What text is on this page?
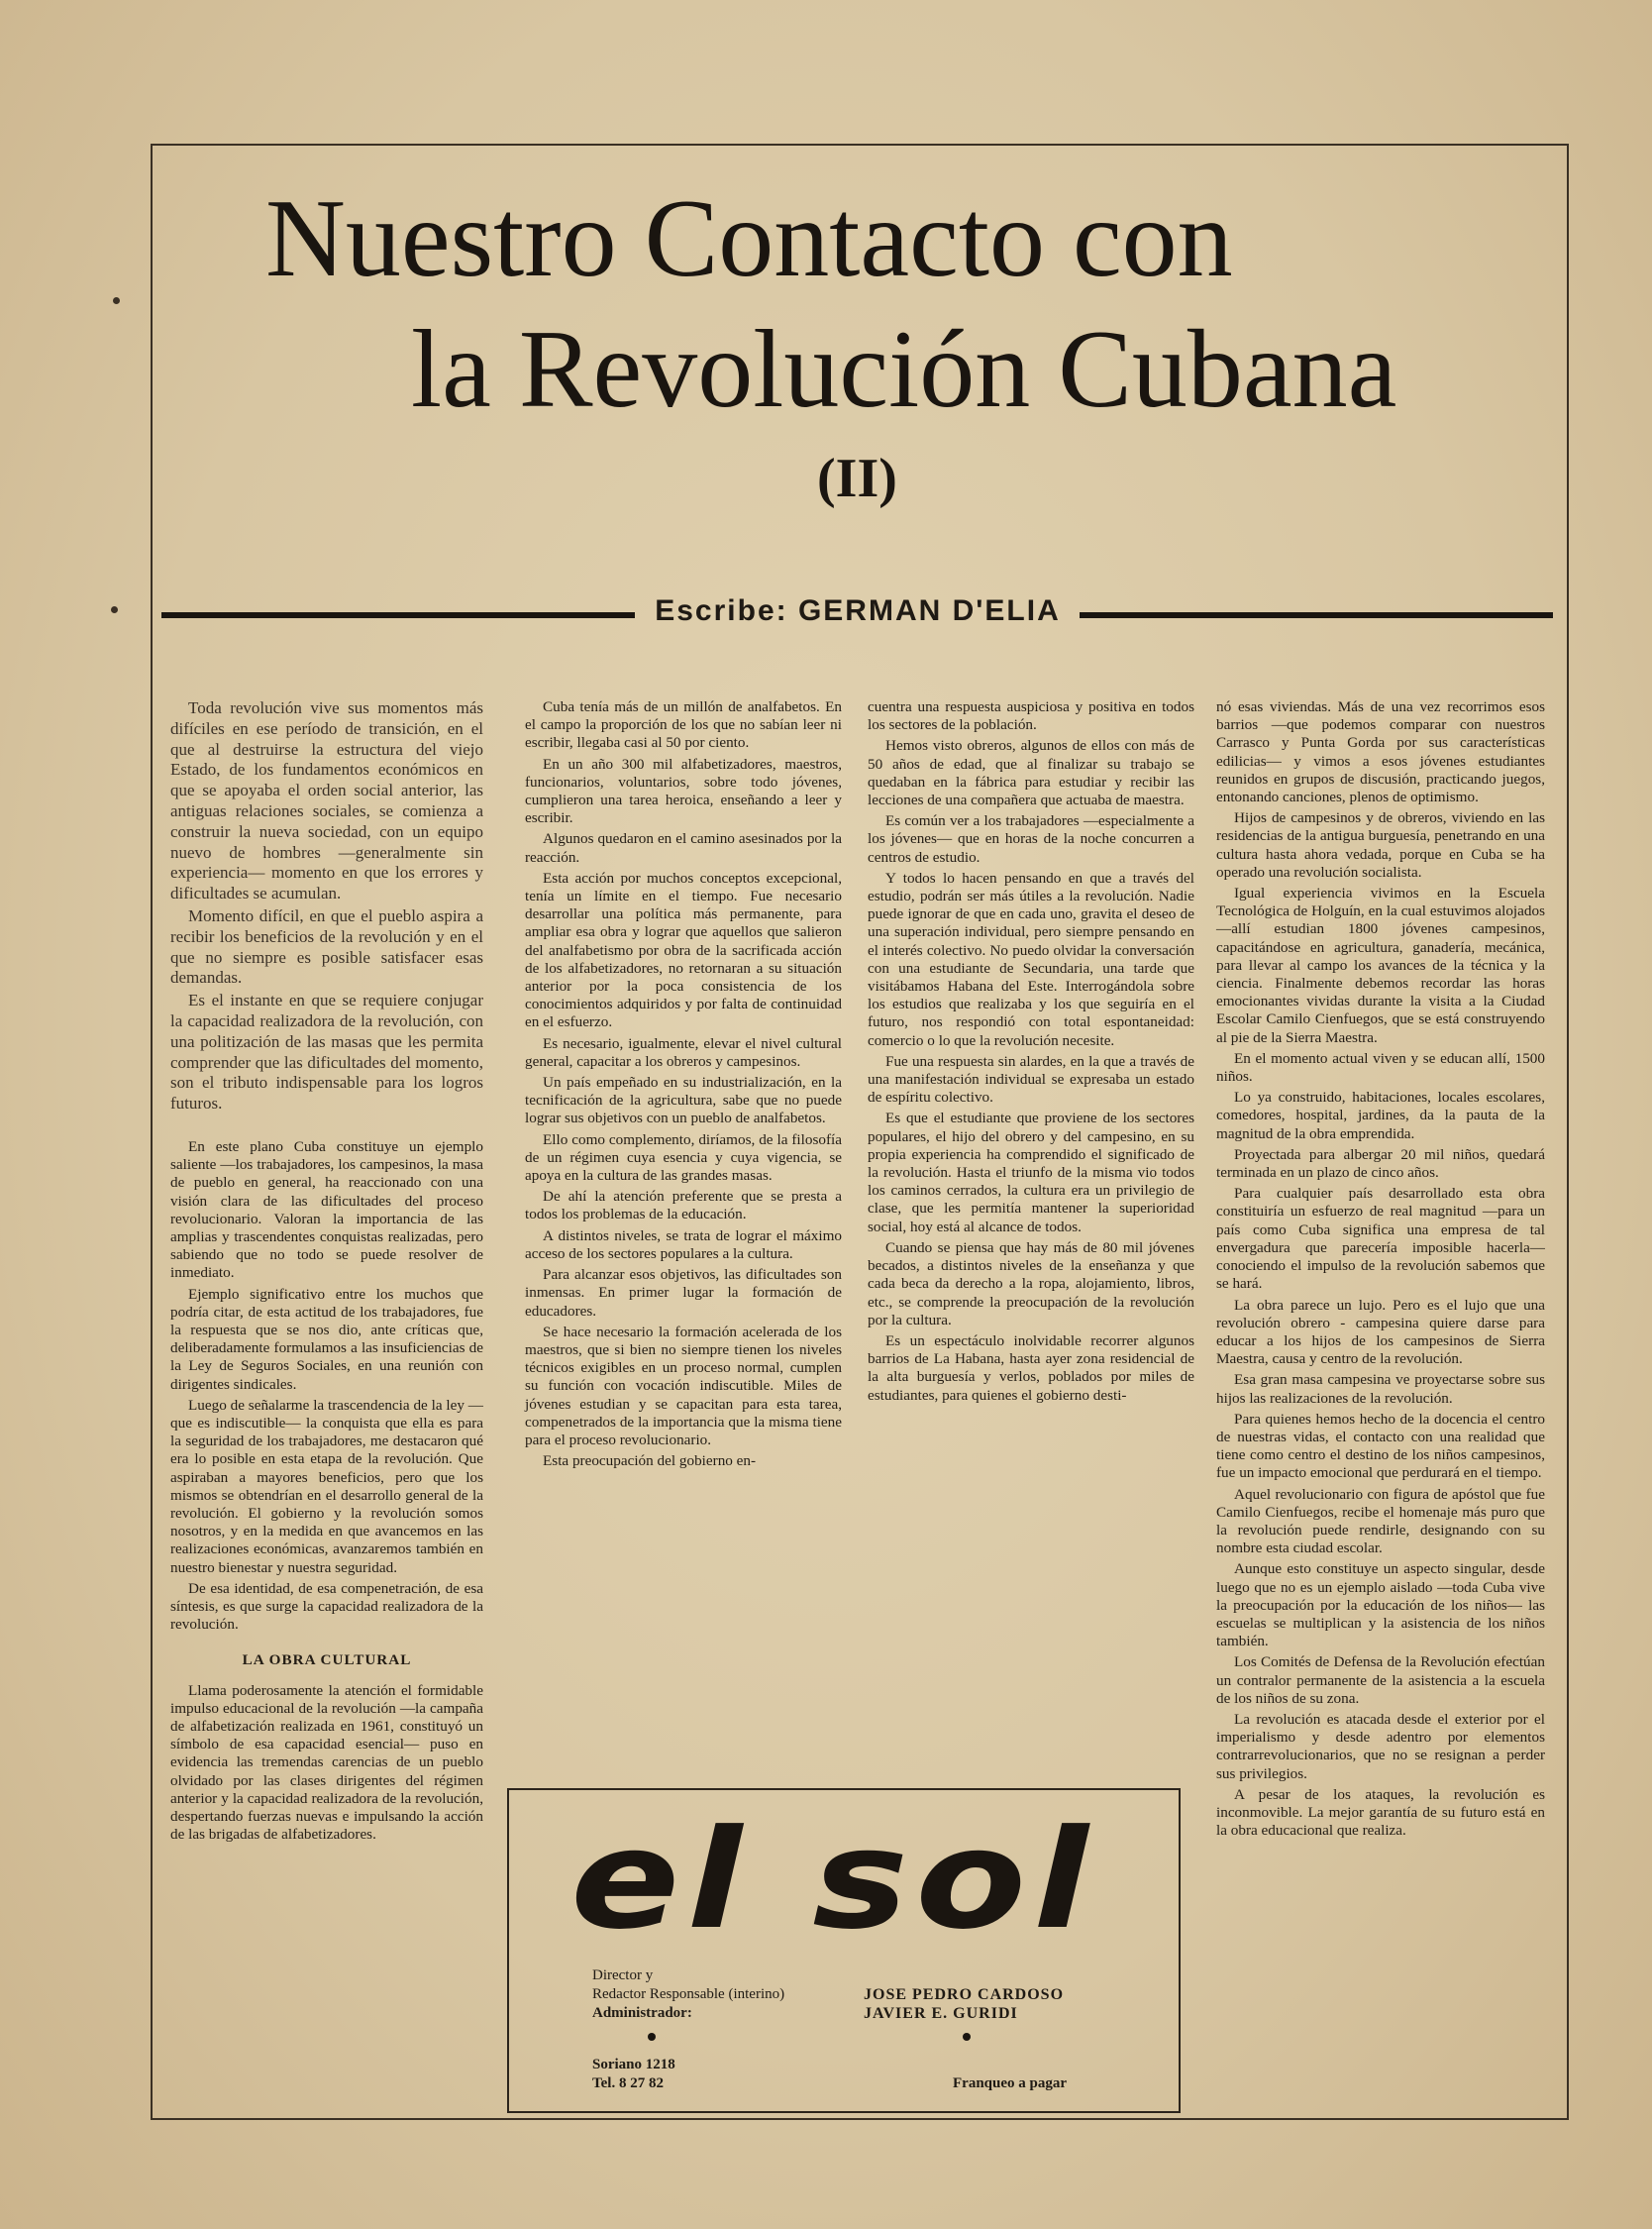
Nuestro Contacto con
la Revolución Cubana
(II)
Escribe: GERMAN D'ELIA

Toda revolución vive sus momentos más difíciles en ese período de transición, en el que al destruirse la estructura del viejo Estado, de los fundamentos económicos en que se apoyaba el orden social anterior, las antiguas relaciones sociales, se comienza a construir la nueva sociedad, con un equipo nuevo de hombres —generalmente sin experiencia— momento en que los errores y dificultades se acumulan.

Momento difícil, en que el pueblo aspira a recibir los beneficios de la revolución y en el que no siempre es posible satisfacer esas demandas.

Es el instante en que se requiere conjugar la capacidad realizadora de la revolución, con una politización de las masas que les permita comprender que las dificultades del momento, son el tributo indispensable para los logros futuros.

En este plano Cuba constituye un ejemplo saliente —los trabajadores, los campesinos, la masa de pueblo en general, ha reaccionado con una visión clara de las dificultades del proceso revolucionario. Valoran la importancia de las amplias y trascendentes conquistas realizadas, pero sabiendo que no todo se puede resolver de inmediato.

Ejemplo significativo entre los muchos que podría citar, de esta actitud de los trabajadores, fue la respuesta que se nos dio, ante críticas que, deliberadamente formulamos a las insuficiencias de la Ley de Seguros Sociales, en una reunión con dirigentes sindicales.

Luego de señalarme la trascendencia de la ley —que es indiscutible— la conquista que ella es para la seguridad de los trabajadores, me destacaron qué era lo posible en esta etapa de la revolución. Que aspiraban a mayores beneficios, pero que los mismos se obtendrían en el desarrollo general de la revolución. El gobierno y la revolución somos nosotros, y en la medida en que avancemos en las realizaciones económicas, avanzaremos también en nuestro bienestar y nuestra seguridad.

De esa identidad, de esa compenetración, de esa síntesis, es que surge la capacidad realizadora de la revolución.

LA OBRA CULTURAL

Llama poderosamente la atención el formidable impulso educacional de la revolución —la campaña de alfabetización realizada en 1961, constituyó un símbolo de esa capacidad esencial— puso en evidencia las tremendas carencias de un pueblo olvidado por las clases dirigentes del régimen anterior y la capacidad realizadora de la revolución, despertando fuerzas nuevas e impulsando la acción de las brigadas de alfabetizadores.

Cuba tenía más de un millón de analfabetos. En el campo la proporción de los que no sabían leer ni escribir, llegaba casi al 50 por ciento.

En un año 300 mil alfabetizadores, maestros, funcionarios, voluntarios, sobre todo jóvenes, cumplieron una tarea heroica, enseñando a leer y escribir.

Algunos quedaron en el camino asesinados por la reacción.

Esta acción por muchos conceptos excepcional, tenía un límite en el tiempo. Fue necesario desarrollar una política más permanente, para ampliar esa obra y lograr que aquellos que salieron del analfabetismo por obra de la sacrificada acción de los alfabetizadores, no retornaran a su situación anterior por la poca consistencia de los conocimientos adquiridos y por falta de continuidad en el esfuerzo.

Es necesario, igualmente, elevar el nivel cultural general, capacitar a los obreros y campesinos.

Un país empeñado en su industrialización, en la tecnificación de la agricultura, sabe que no puede lograr sus objetivos con un pueblo de analfabetos.

Ello como complemento, diríamos, de la filosofía de un régimen cuya esencia y cuya vigencia, se apoya en la cultura de las grandes masas.

De ahí la atención preferente que se presta a todos los problemas de la educación.

A distintos niveles, se trata de lograr el máximo acceso de los sectores populares a la cultura.

Para alcanzar esos objetivos, las dificultades son inmensas. En primer lugar la formación de educadores.

Se hace necesario la formación acelerada de los maestros, que si bien no siempre tienen los niveles técnicos exigibles en un proceso normal, cumplen su función con vocación indiscutible. Miles de jóvenes estudian y se capacitan para esta tarea, compenetrados de la importancia que la misma tiene para el proceso revolucionario.

Esta preocupación del gobierno en-

cuentra una respuesta auspiciosa y positiva en todos los sectores de la población.

Hemos visto obreros, algunos de ellos con más de 50 años de edad, que al finalizar su trabajo se quedaban en la fábrica para estudiar y recibir las lecciones de una compañera que actuaba de maestra.

Es común ver a los trabajadores —especialmente a los jóvenes— que en horas de la noche concurren a centros de estudio.

Y todos lo hacen pensando en que a través del estudio, podrán ser más útiles a la revolución. Nadie puede ignorar de que en cada uno, gravita el deseo de una superación individual, pero siempre pensando en el interés colectivo. No puedo olvidar la conversación con una estudiante de Secundaria, una tarde que visitábamos Habana del Este. Interrogándola sobre los estudios que realizaba y los que seguiría en el futuro, nos respondió con total espontaneidad: comercio o lo que la revolución necesite.

Fue una respuesta sin alardes, en la que a través de una manifestación individual se expresaba un estado de espíritu colectivo.

Es que el estudiante que proviene de los sectores populares, el hijo del obrero y del campesino, en su propia experiencia ha comprendido el significado de la revolución. Hasta el triunfo de la misma vio todos los caminos cerrados, la cultura era un privilegio de clase, que les permitía mantener la superioridad social, hoy está al alcance de todos.

Cuando se piensa que hay más de 80 mil jóvenes becados, a distintos niveles de la enseñanza y que cada beca da derecho a la ropa, alojamiento, libros, etc., se comprende la preocupación de la revolución por la cultura.

Es un espectáculo inolvidable recorrer algunos barrios de La Habana, hasta ayer zona residencial de la alta burguesía y verlos, poblados por miles de estudiantes, para quienes el gobierno desti-

nó esas viviendas. Más de una vez recorrimos esos barrios —que podemos comparar con nuestros Carrasco y Punta Gorda por sus características edilicias— y vimos a esos jóvenes estudiantes reunidos en grupos de discusión, practicando juegos, entonando canciones, plenos de optimismo.

Hijos de campesinos y de obreros, viviendo en las residencias de la antigua burguesía, penetrando en una cultura hasta ahora vedada, porque en Cuba se ha operado una revolución socialista.

Igual experiencia vivimos en la Escuela Tecnológica de Holguín, en la cual estuvimos alojados —allí estudian 1800 jóvenes campesinos, capacitándose en agricultura, ganadería, mecánica, para llevar al campo los avances de la técnica y la ciencia. Finalmente debemos recordar las horas emocionantes vividas durante la visita a la Ciudad Escolar Camilo Cienfuegos, que se está construyendo al pie de la Sierra Maestra.

En el momento actual viven y se educan allí, 1500 niños.

Lo ya construido, habitaciones, locales escolares, comedores, hospital, jardines, da la pauta de la magnitud de la obra emprendida.

Proyectada para albergar 20 mil niños, quedará terminada en un plazo de cinco años.

Para cualquier país desarrollado esta obra constituiría un esfuerzo de real magnitud —para un país como Cuba significa una empresa de tal envergadura que parecería imposible hacerla— conociendo el impulso de la revolución sabemos que se hará.

La obra parece un lujo. Pero es el lujo que una revolución obrero - campesina quiere darse para educar a los hijos de los campesinos de Sierra Maestra, causa y centro de la revolución.

Esa gran masa campesina ve proyectarse sobre sus hijos las realizaciones de la revolución.

Para quienes hemos hecho de la docencia el centro de nuestras vidas, el contacto con una realidad que tiene como centro el destino de los niños campesinos, fue un impacto emocional que perdurará en el tiempo.

Aquel revolucionario con figura de apóstol que fue Camilo Cienfuegos, recibe el homenaje más puro que la revolución puede rendirle, designando con su nombre esta ciudad escolar.

Aunque esto constituye un aspecto singular, desde luego que no es un ejemplo aislado —toda Cuba vive la preocupación por la educación de los niños— las escuelas se multiplican y la asistencia de los niños también.

Los Comités de Defensa de la Revolución efectúan un contralor permanente de la asistencia a la escuela de los niños de su zona.

La revolución es atacada desde el exterior por el imperialismo y desde adentro por elementos contrarrevolucionarios, que no se resignan a perder sus privilegios.

A pesar de los ataques, la revolución es inconmovible. La mejor garantía de su futuro está en la obra educacional que realiza.

el sol
Director y
Redactor Responsable (interino)
Administrador:
JOSE PEDRO CARDOSO
JAVIER E. GURIDI
Soriano 1218
Tel. 8 27 82	Franqueo a pagar
